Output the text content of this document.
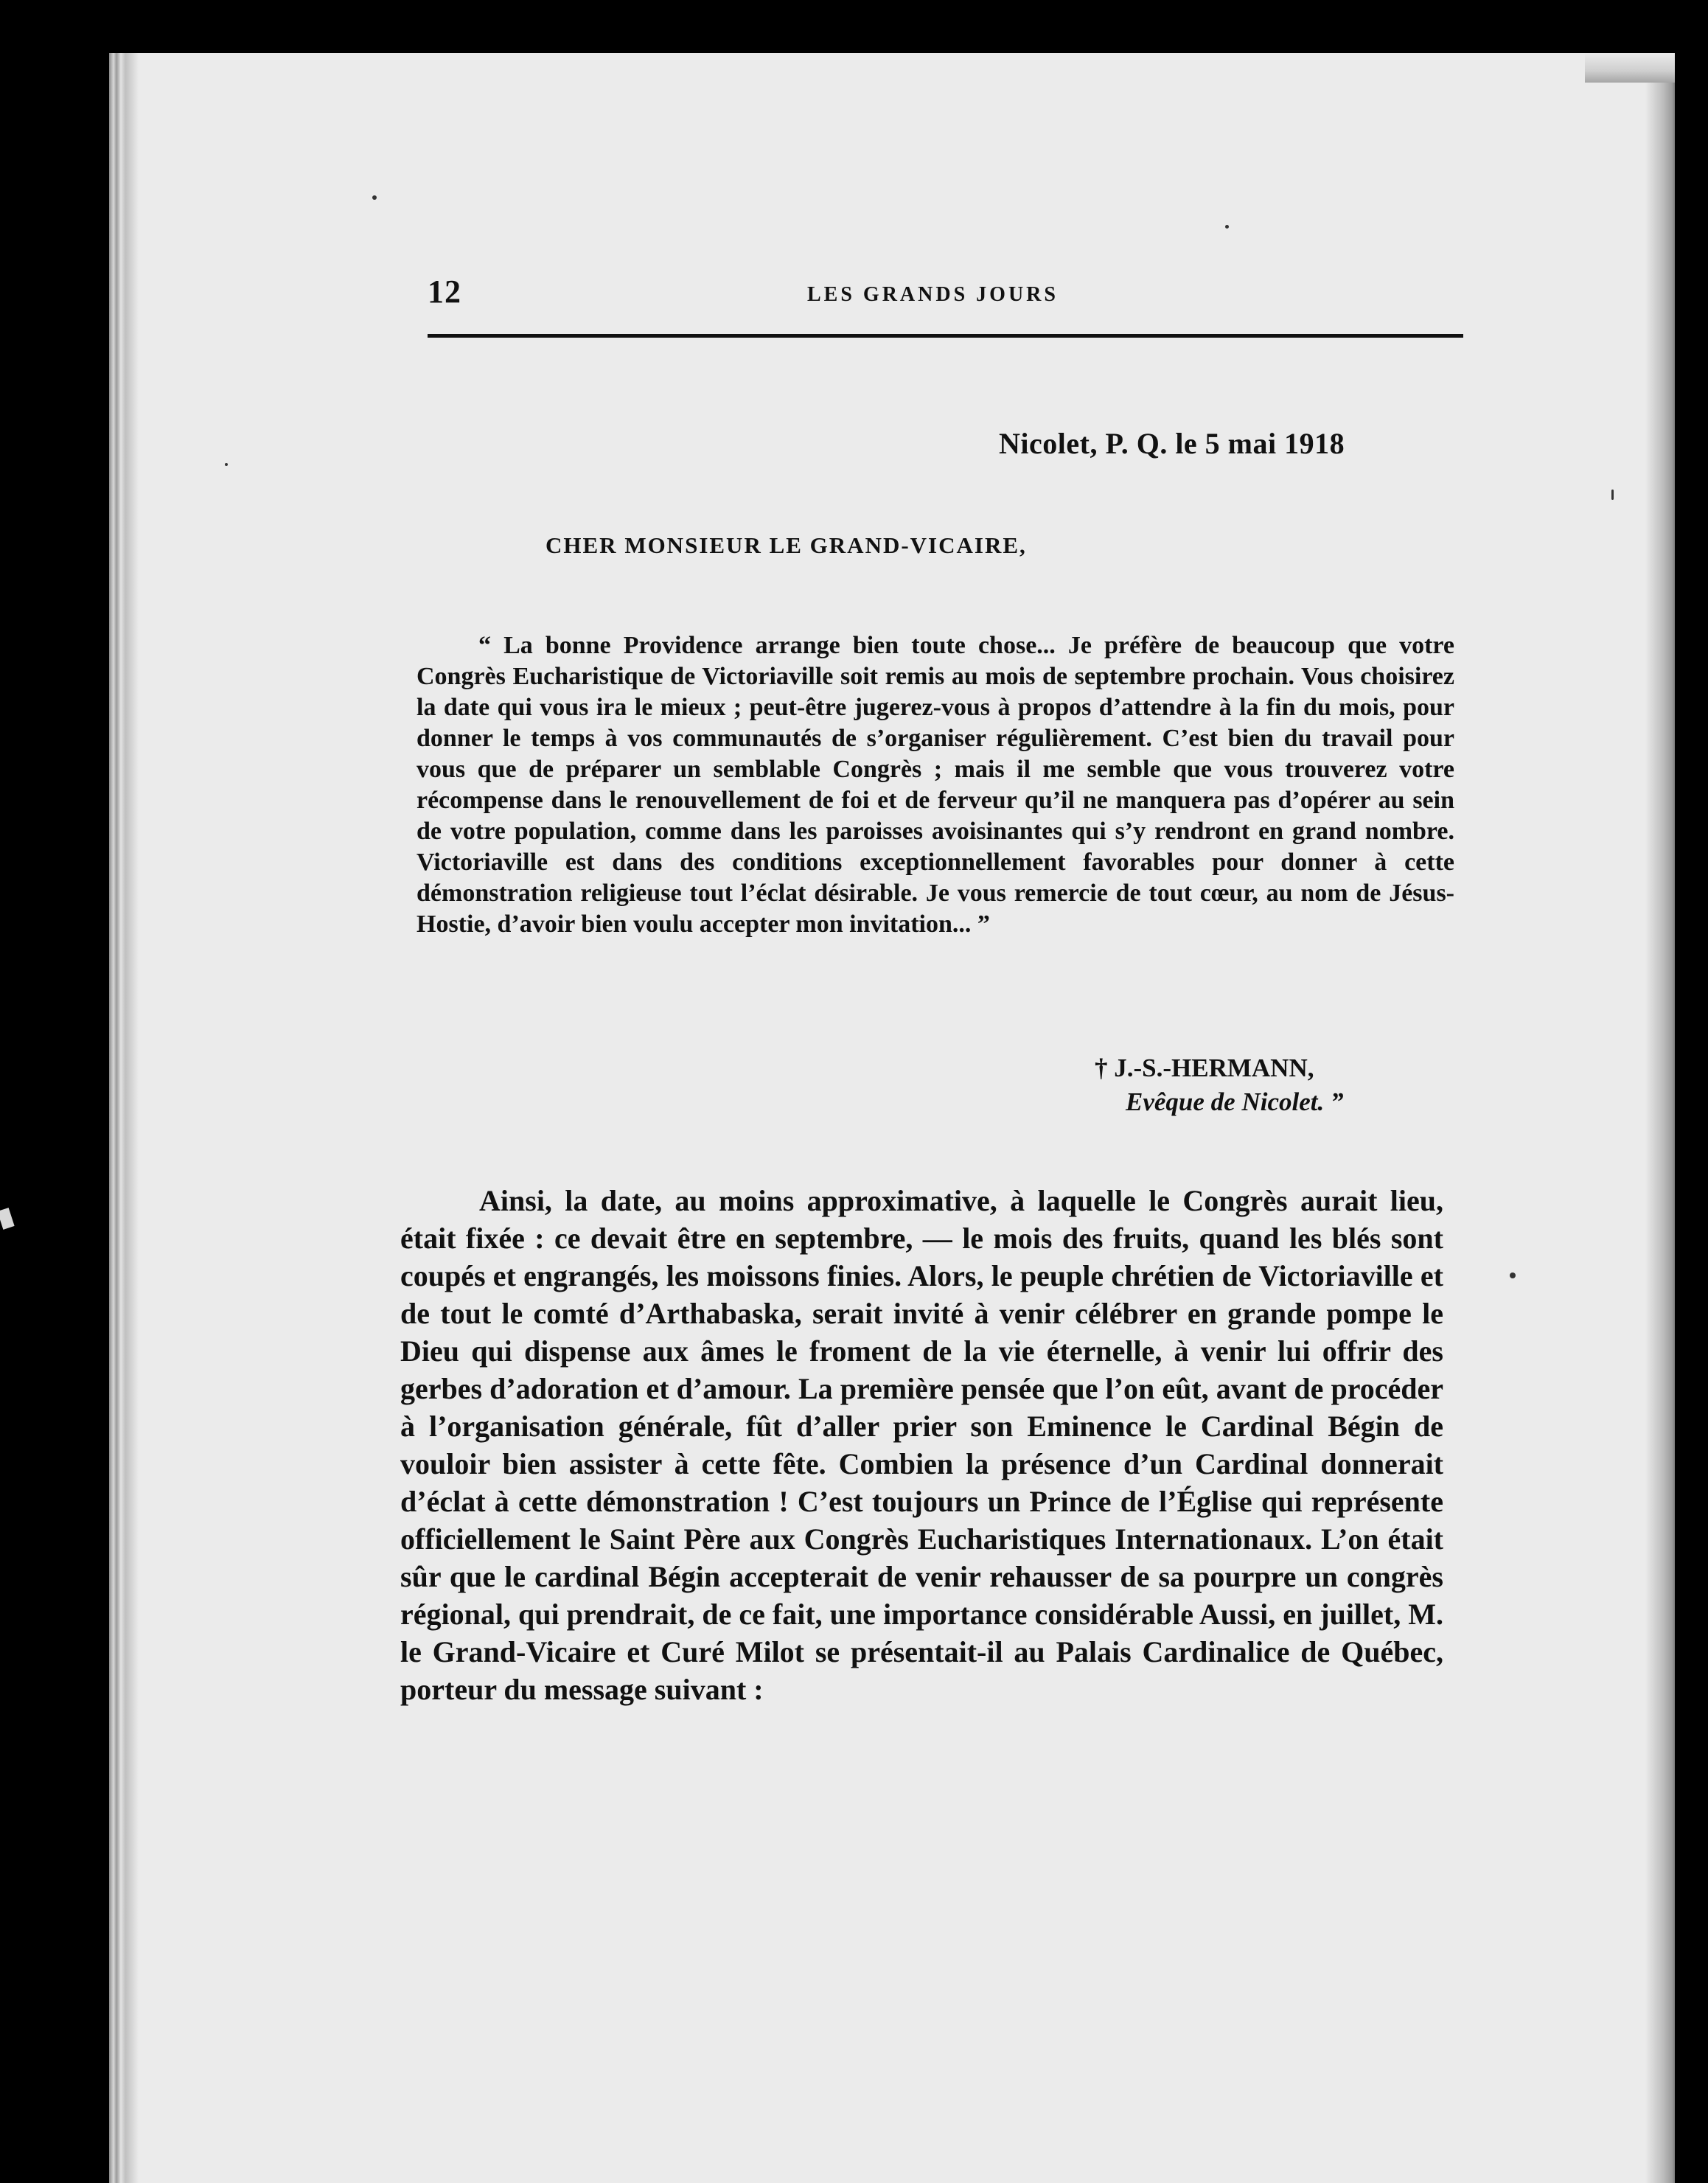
12	LES GRANDS JOURS
Nicolet, P. Q. le 5 mai 1918
CHER MONSIEUR LE GRAND-VICAIRE,

“ La bonne Providence arrange bien toute chose... Je préfère de beaucoup que votre Congrès Eucharistique de Victoriaville soit remis au mois de septembre prochain. Vous choisirez la date qui vous ira le mieux ; peut-être jugerez-vous à propos d’attendre à la fin du mois, pour donner le temps à vos communautés de s’organiser régulièrement. C’est bien du travail pour vous que de préparer un semblable Congrès ; mais il me semble que vous trouverez votre récompense dans le renouvellement de foi et de ferveur qu’il ne manquera pas d’opérer au sein de votre population, comme dans les paroisses avoisinantes qui s’y rendront en grand nombre. Victoriaville est dans des conditions exceptionnellement favorables pour donner à cette démonstration religieuse tout l’éclat désirable. Je vous remercie de tout cœur, au nom de Jésus-Hostie, d’avoir bien voulu accepter mon invitation... ”

† J.-S.-HERMANN,
Evêque de Nicolet. ”

Ainsi, la date, au moins approximative, à laquelle le Congrès aurait lieu, était fixée : ce devait être en septembre, — le mois des fruits, quand les blés sont coupés et engrangés, les moissons finies. Alors, le peuple chrétien de Victoriaville et de tout le comté d’Arthabaska, serait invité à venir célébrer en grande pompe le Dieu qui dispense aux âmes le froment de la vie éternelle, à venir lui offrir des gerbes d’adoration et d’amour. La première pensée que l’on eût, avant de procéder à l’organisation générale, fût d’aller prier son Eminence le Cardinal Bégin de vouloir bien assister à cette fête. Combien la présence d’un Cardinal donnerait d’éclat à cette démonstration ! C’est toujours un Prince de l’Église qui représente officiellement le Saint Père aux Congrès Eucharistiques Internationaux. L’on était sûr que le cardinal Bégin accepterait de venir rehausser de sa pourpre un congrès régional, qui prendrait, de ce fait, une importance considérable Aussi, en juillet, M. le Grand-Vicaire et Curé Milot se présentait-il au Palais Cardinalice de Québec, porteur du message suivant :
